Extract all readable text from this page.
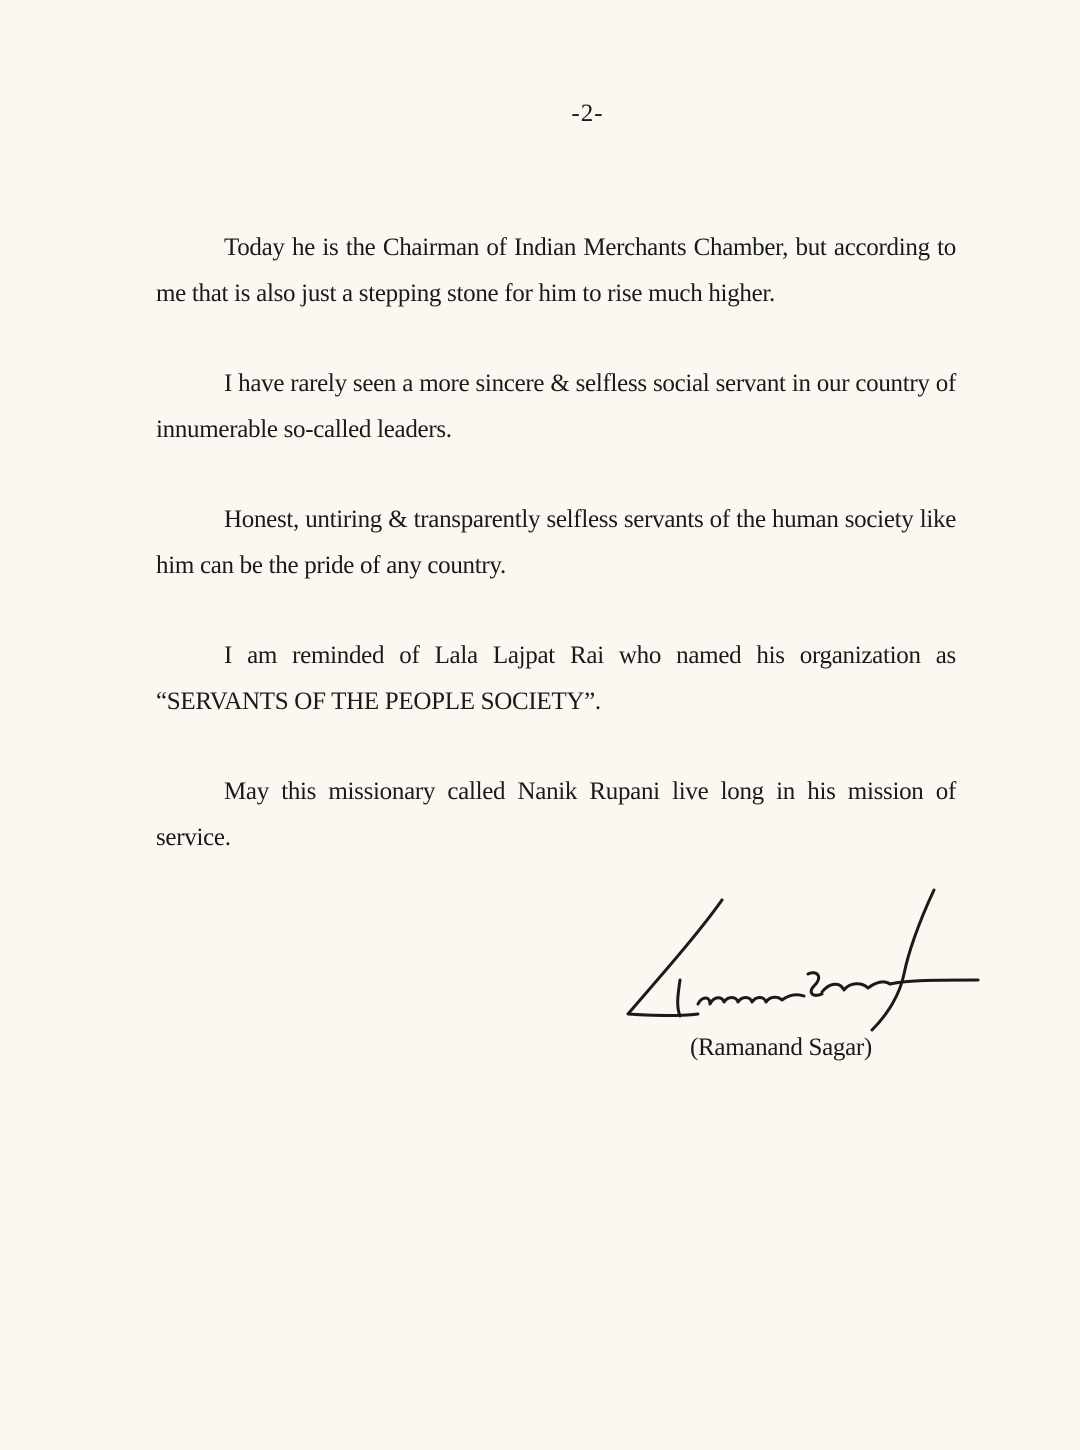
-2-

Today he is the Chairman of Indian Merchants Chamber, but according to me that is also just a stepping stone for him to rise much higher.

I have rarely seen a more sincere & selfless social servant in our country of innumerable so-called leaders.

Honest, untiring & transparently selfless servants of the human society like him can be the pride of any country.

I am reminded of Lala Lajpat Rai who named his organization as “SERVANTS OF THE PEOPLE SOCIETY”.

May this missionary called Nanik Rupani live long in his mission of service.

(Ramanand Sagar)
